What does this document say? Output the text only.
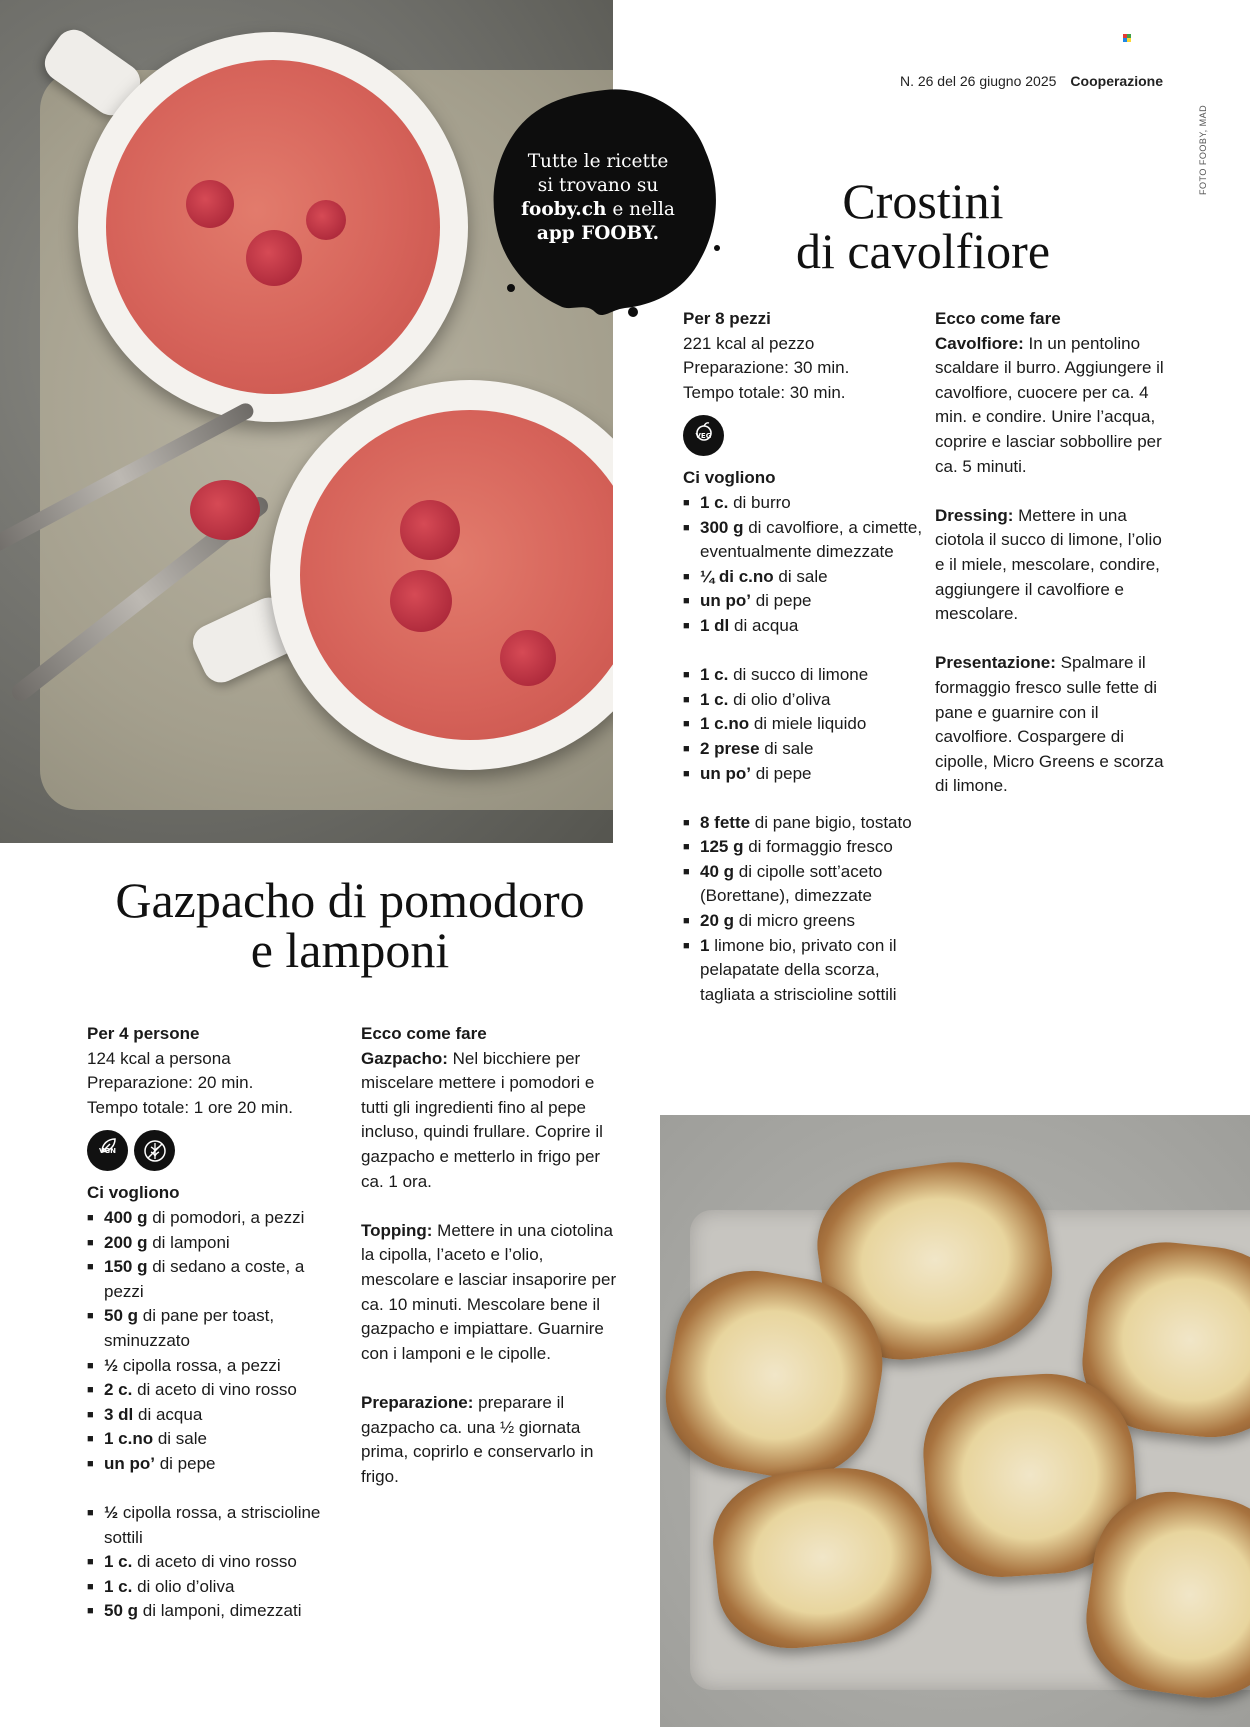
N. 26 del 26 giugno 2025 Cooperazione
FOTO FOOBY, MAD
Tutte le ricette
si trovano su
fooby.ch e nella
app FOOBY.
Crostini
di cavolfiore

Per 8 pezzi

221 kcal al pezzo

Preparazione: 30 min.

Tempo totale: 30 min.

VEG

Ci vogliono

■ 1 c. di burro
■ 300 g di cavolfiore, a cimette, eventualmente dimezzate
■ ¼ di c.no di sale
■ un po’ di pepe
■ 1 dl di acqua
■ 1 c. di succo di limone
■ 1 c. di olio d’oliva
■ 1 c.no di miele liquido
■ 2 prese di sale
■ un po’ di pepe
■ 8 fette di pane bigio, tostato
■ 125 g di formaggio fresco
■ 40 g di cipolle sott’aceto (Borettane), dimezzate
■ 20 g di micro greens
■ 1 limone bio, privato con il pelapatate della scorza, tagliata a striscioline sottili

Ecco come fare

Cavolfiore: In un pentolino scaldare il burro. Aggiungere il cavolfiore, cuocere per ca. 4 min. e condire. Unire l’acqua, coprire e lasciar sobbollire per ca. 5 minuti.

Dressing: Mettere in una ciotola il succo di limone, l’olio e il miele, mescolare, condire, aggiungere il cavolfiore e mescolare.

Presentazione: Spalmare il formaggio fresco sulle fette di pane e guarnire con il cavolfiore. Cospargere di cipolle, Micro Greens e scorza di limone.

Gazpacho di pomodoro
e lamponi

Per 4 persone

124 kcal a persona

Preparazione: 20 min.

Tempo totale: 1 ore 20 min.

VGN

Ci vogliono

■ 400 g di pomodori, a pezzi
■ 200 g di lamponi
■ 150 g di sedano a coste, a pezzi
■ 50 g di pane per toast, sminuzzato
■ ½ cipolla rossa, a pezzi
■ 2 c. di aceto di vino rosso
■ 3 dl di acqua
■ 1 c.no di sale
■ un po’ di pepe
■ ½ cipolla rossa, a striscioline sottili
■ 1 c. di aceto di vino rosso
■ 1 c. di olio d’oliva
■ 50 g di lamponi, dimezzati

Ecco come fare

Gazpacho: Nel bicchiere per miscelare mettere i pomodori e tutti gli ingredienti fino al pepe incluso, quindi frullare. Coprire il gazpacho e metterlo in frigo per ca. 1 ora.

Topping: Mettere in una ciotolina la cipolla, l’aceto e l’olio, mescolare e lasciar insaporire per ca. 10 minuti. Mescolare bene il gazpacho e impiattare. Guarnire con i lamponi e le cipolle.

Preparazione: preparare il gazpacho ca. una ½ giornata prima, coprirlo e conservarlo in frigo.
